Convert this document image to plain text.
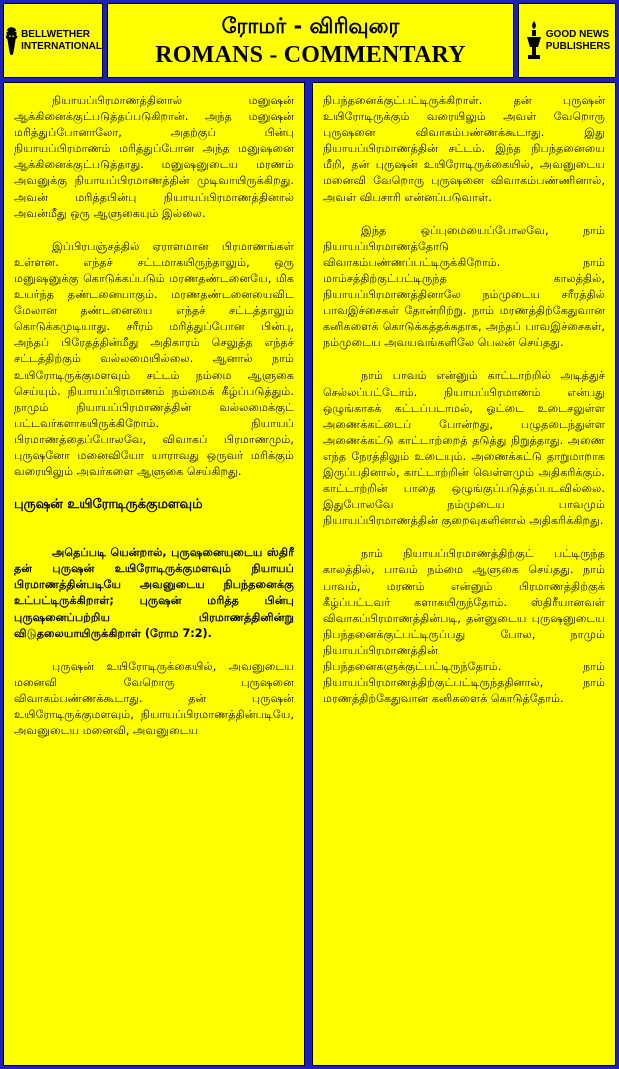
BELLWETHER
INTERNATIONAL
ரோமர் - விரிவுரை
ROMANS - COMMENTARY
GOOD NEWS
PUBLISHERS

நியாயப்பிரமாணத்தினால் மனுஷன் ஆக்கினைக்குட்படுத்தப்படுகிறான். அந்த மனுஷன் மரித்துப்போனாலோ, அதற்குப் பின்பு நியாயப்பிரமாணம் மரித்துப்போன அந்த மனுஷனை ஆக்கினைக்குட்படுத்தாது. மனுஷனுடைய மரணம் அவனுக்கு நியாயப்பிரமாணத்தின் முடிவாயிருக்கிறது. அவன் மரித்தபின்பு நியாயப்பிரமாணத்தினால் அவன்மீது ஒரு ஆளுகையும் இல்லை.

இப்பிரபஞ்சத்தில் ஏராளமான பிரமாணங்கள் உள்ளன. எந்தச் சட்டமாகயிருந்தாலும், ஒரு மனுஷனுக்கு கொடுக்கப்படும் மரணதண்டனையே, மிக உயர்ந்த தண்டனையாகும். மரணதண்டனையைவிட மேலான தண்டனையை எந்தச் சட்டத்தாலும் கொடுக்கமுடியாது. சரீரம் மரித்துப்போன பின்பு, அந்தப் பிரேதத்தின்மீது அதிகாரம் செலுத்த எந்தச் சட்டத்திற்கும் வல்லமையில்லை. ஆனால் நாம் உயிரோடிருக்குமளவும் சட்டம் நம்மை ஆளுகை செய்யும். நியாயப்பிரமாணம் நம்மைக் கீழ்ப்படுத்தும். நாமும் நியாயப்பிரமாணத்தின் வல்லமைக்குட் பட்டவர்களாகயிருக்கிறோம். நியாயப் பிரமாணத்தைப்போலவே, விவாகப் பிரமாணமும், புருஷனோ மனைவியோ யாராவது ஒருவர் மரிக்கும் வரையிலும் அவர்களை ஆளுகை செய்கிறது.

புருஷன் உயிரோடிருக்குமளவும்

அதெப்படி யென்றால், புருஷனையுடைய ஸ்திரீ தன் புருஷன் உயிரோடிருக்குமளவும் நியாயப் பிரமாணத்தின்படியே அவனுடைய நிபந்தனைக்கு உட்பட்டிருக்கிறாள்; புருஷன் மரித்த பின்பு புருஷனைப்பற்றிய பிரமாணத்தினின்று விடுதலையாயிருக்கிறாள் (ரோம 7:2).

புருஷன் உயிரோடிருக்கையில், அவனுடைய மனைவி வேறொரு புருஷனை விவாகம்பண்ணக்கூடாது. தன் புருஷன் உயிரோடிருக்குமளவும், நியாயப்பிரமாணத்தின்படியே, அவனுடைய மனைவி, அவனுடைய

நிபந்தனைக்குட்பட்டிருக்கிறாள். தன் புருஷன் உயிரோடிருக்கும் வரையிலும் அவள் வேறொரு புருஷனை விவாகம்பண்ணக்கூடாது. இது நியாயப்பிரமாணத்தின் சட்டம். இந்த நிபந்தனையை மீறி, தன் புருஷன் உயிரோடிருக்கையில், அவனுடைய மனைவி வேறொரு புருஷனை விவாகம்பண்ணினால், அவள் விபசாரி என்னப்படுவாள்.

இந்த ஒப்புமையைப்போலவே, நாம் நியாயப்பிரமாணத்தோடு விவாகம்பண்ணப்பட்டிருக்கிறோம். நாம் மாம்சத்திற்குட்பட்டிருந்த காலத்தில், நியாயப்பிரமாணத்தினாலே நம்முடைய சரீரத்தில் பாவஇச்சைகள் தோன்றிற்று. நாம் மரணத்திற்கேதுவான கனிகளைக் கொடுக்கத்தக்கதாக, அந்தப் பாவஇச்சைகள், நம்முடைய அவயவங்களிலே பெலன் செய்தது.

நாம் பாவம் என்னும் காட்டாற்றில் அடித்துச் செல்லப்பட்டோம். நியாயப்பிரமாணம் என்பது ஒழுங்காகக் கட்டப்படாமல், ஓட்டை உடைசலுள்ள அணைக்கட்டைப் போன்றது, பழுதடைந்துள்ள அணைக்கட்டு காட்டாற்றைத் தடுத்து நிறுத்தாது. அணை எந்த நேரத்திலும் உடையும். அணைக்கட்டு தாறுமாறாக இருப்பதினால், காட்டாற்றின் வெள்ளமும் அதிகரிக்கும். காட்டாற்றின் பாதை ஒழுங்குப்படுத்தப்படவில்லை. இதுபோலவே நம்முடைய பாவமும் நியாயப்பிரமாணத்தின் குறைவுகளினால் அதிகரிக்கிறது.

நாம் நியாயப்பிரமாணத்திற்குட் பட்டிருந்த காலத்தில், பாவம் நம்மை ஆளுகை செய்தது. நாம் பாவம், மரணம் என்னும் பிரமாணத்திற்குக் கீழ்ப்பட்டவர் களாகயிருந்தோம். ஸ்திரீயானவள் விவாகப்பிரமாணத்தின்படி, தன்னுடைய புருஷனுடைய நிபந்தனைக்குட்பட்டிருப்பது போல, நாமும் நியாயப்பிரமாணத்தின் நிபந்தனைகளுக்குட்பட்டிருந்தோம். நாம் நியாயப்பிரமாணத்திற்குட்பட்டிருந்ததினால், நாம் மரணத்திற்கேதுவான கனிகளைக் கொடுத்தோம்.
